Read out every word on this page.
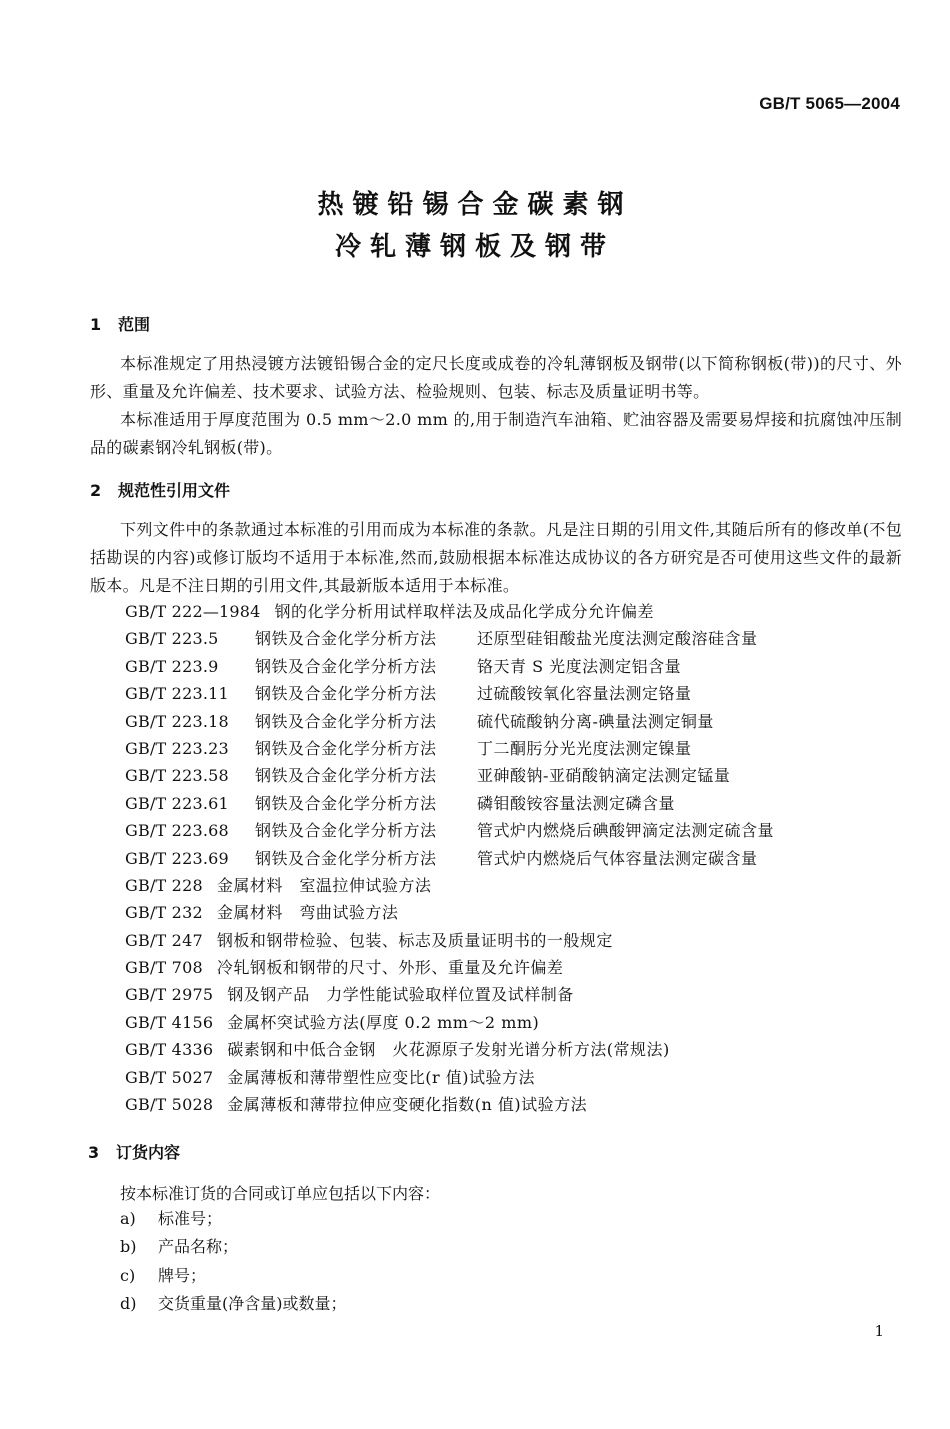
GB/T 5065—2004
热镀铅锡合金碳素钢
冷轧薄钢板及钢带
1 范围
本标准规定了用热浸镀方法镀铅锡合金的定尺长度或成卷的冷轧薄钢板及钢带(以下简称钢板(带))的尺寸、外形、重量及允许偏差、技术要求、试验方法、检验规则、包装、标志及质量证明书等。
本标准适用于厚度范围为 0.5 mm～2.0 mm 的,用于制造汽车油箱、贮油容器及需要易焊接和抗腐蚀冲压制品的碳素钢冷轧钢板(带)。
2 规范性引用文件
下列文件中的条款通过本标准的引用而成为本标准的条款。凡是注日期的引用文件,其随后所有的修改单(不包括勘误的内容)或修订版均不适用于本标准,然而,鼓励根据本标准达成协议的各方研究是否可使用这些文件的最新版本。凡是不注日期的引用文件,其最新版本适用于本标准。
GB/T 222—1984 钢的化学分析用试样取样法及成品化学成分允许偏差
GB/T 223.5 钢铁及合金化学分析方法	还原型硅钼酸盐光度法测定酸溶硅含量
GB/T 223.9 钢铁及合金化学分析方法	铬天青 S 光度法测定铝含量
GB/T 223.11 钢铁及合金化学分析方法	过硫酸铵氧化容量法测定铬量
GB/T 223.18 钢铁及合金化学分析方法	硫代硫酸钠分离-碘量法测定铜量
GB/T 223.23 钢铁及合金化学分析方法	丁二酮肟分光光度法测定镍量
GB/T 223.58 钢铁及合金化学分析方法	亚砷酸钠-亚硝酸钠滴定法测定锰量
GB/T 223.61 钢铁及合金化学分析方法	磷钼酸铵容量法测定磷含量
GB/T 223.68 钢铁及合金化学分析方法	管式炉内燃烧后碘酸钾滴定法测定硫含量
GB/T 223.69 钢铁及合金化学分析方法	管式炉内燃烧后气体容量法测定碳含量
GB/T 228 金属材料　室温拉伸试验方法
GB/T 232 金属材料　弯曲试验方法
GB/T 247 钢板和钢带检验、包装、标志及质量证明书的一般规定
GB/T 708 冷轧钢板和钢带的尺寸、外形、重量及允许偏差
GB/T 2975 钢及钢产品　力学性能试验取样位置及试样制备
GB/T 4156 金属杯突试验方法(厚度 0.2 mm～2 mm)
GB/T 4336 碳素钢和中低合金钢　火花源原子发射光谱分析方法(常规法)
GB/T 5027 金属薄板和薄带塑性应变比(r 值)试验方法
GB/T 5028 金属薄板和薄带拉伸应变硬化指数(n 值)试验方法
3 订货内容
按本标准订货的合同或订单应包括以下内容：
a) 标准号；
b) 产品名称；
c) 牌号；
d) 交货重量(净含量)或数量；
1
